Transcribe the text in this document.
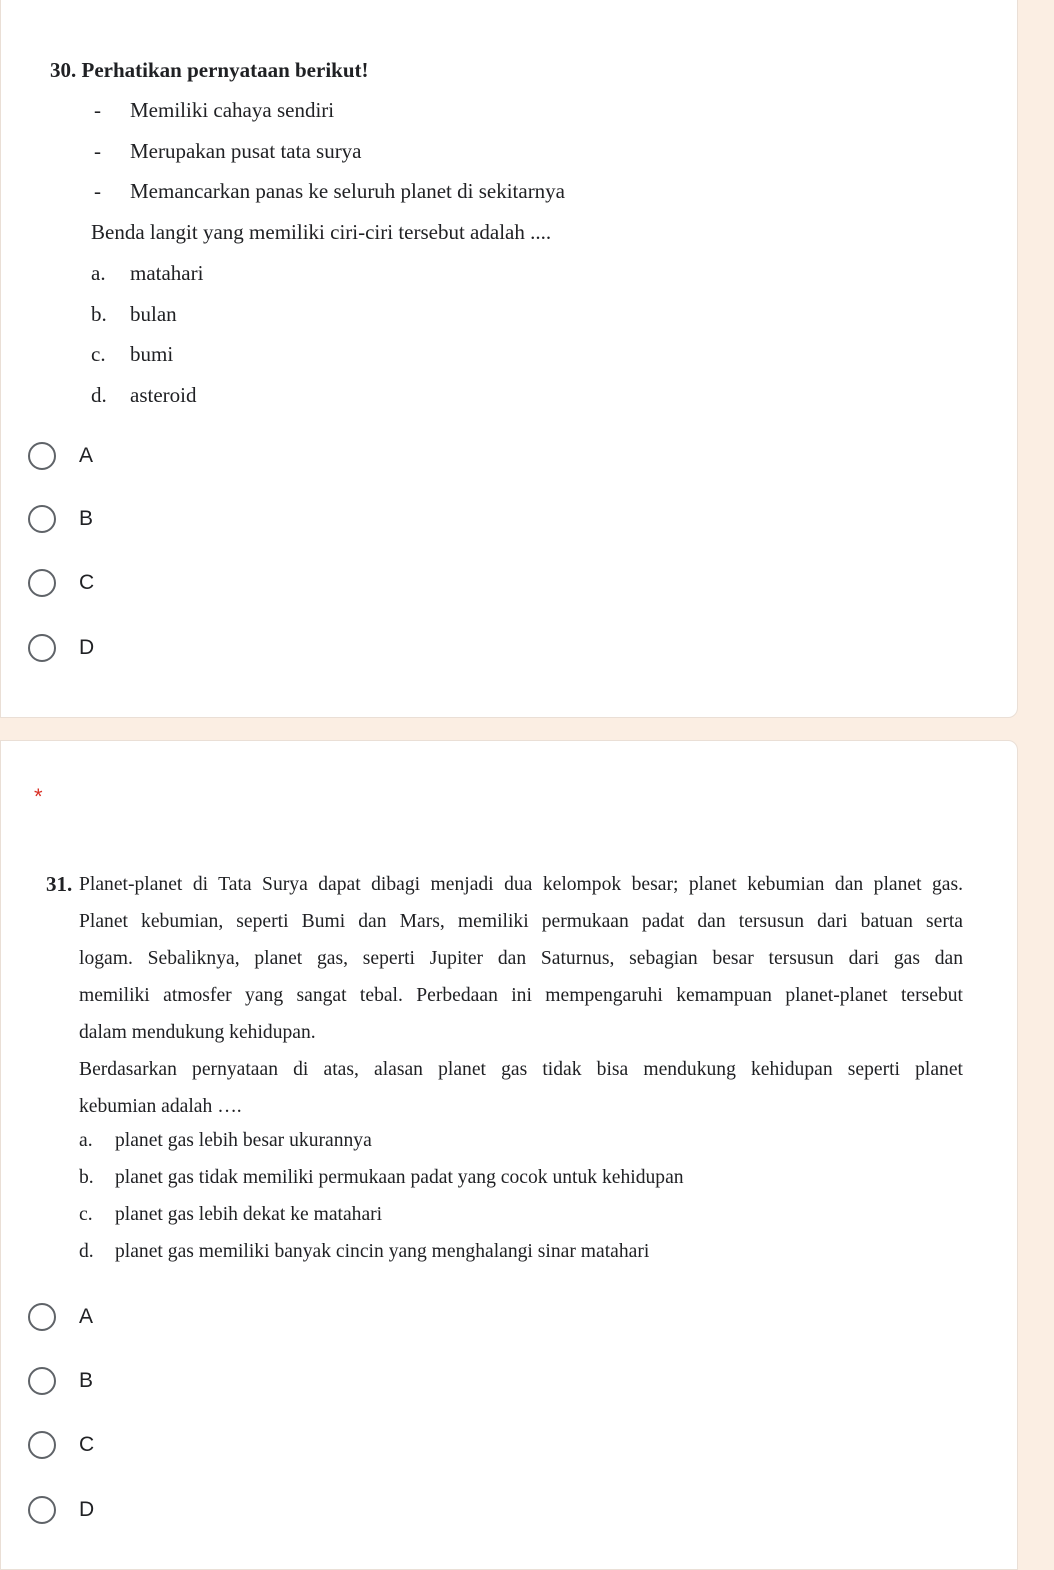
30. Perhatikan pernyataan berikut!
- Memiliki cahaya sendiri
- Merupakan pusat tata surya
- Memancarkan panas ke seluruh planet di sekitarnya
Benda langit yang memiliki ciri-ciri tersebut adalah ....
a. matahari
b. bulan
c. bumi
d. asteroid
A
B
C
D
*
31. Planet-planet di Tata Surya dapat dibagi menjadi dua kelompok besar; planet kebumian dan planet gas.
Planet kebumian, seperti Bumi dan Mars, memiliki permukaan padat dan tersusun dari batuan serta
logam. Sebaliknya, planet gas, seperti Jupiter dan Saturnus, sebagian besar tersusun dari gas dan
memiliki atmosfer yang sangat tebal. Perbedaan ini mempengaruhi kemampuan planet-planet tersebut
dalam mendukung kehidupan.
Berdasarkan pernyataan di atas, alasan planet gas tidak bisa mendukung kehidupan seperti planet
kebumian adalah ….
a. planet gas lebih besar ukurannya
b. planet gas tidak memiliki permukaan padat yang cocok untuk kehidupan
c. planet gas lebih dekat ke matahari
d. planet gas memiliki banyak cincin yang menghalangi sinar matahari
A
B
C
D
